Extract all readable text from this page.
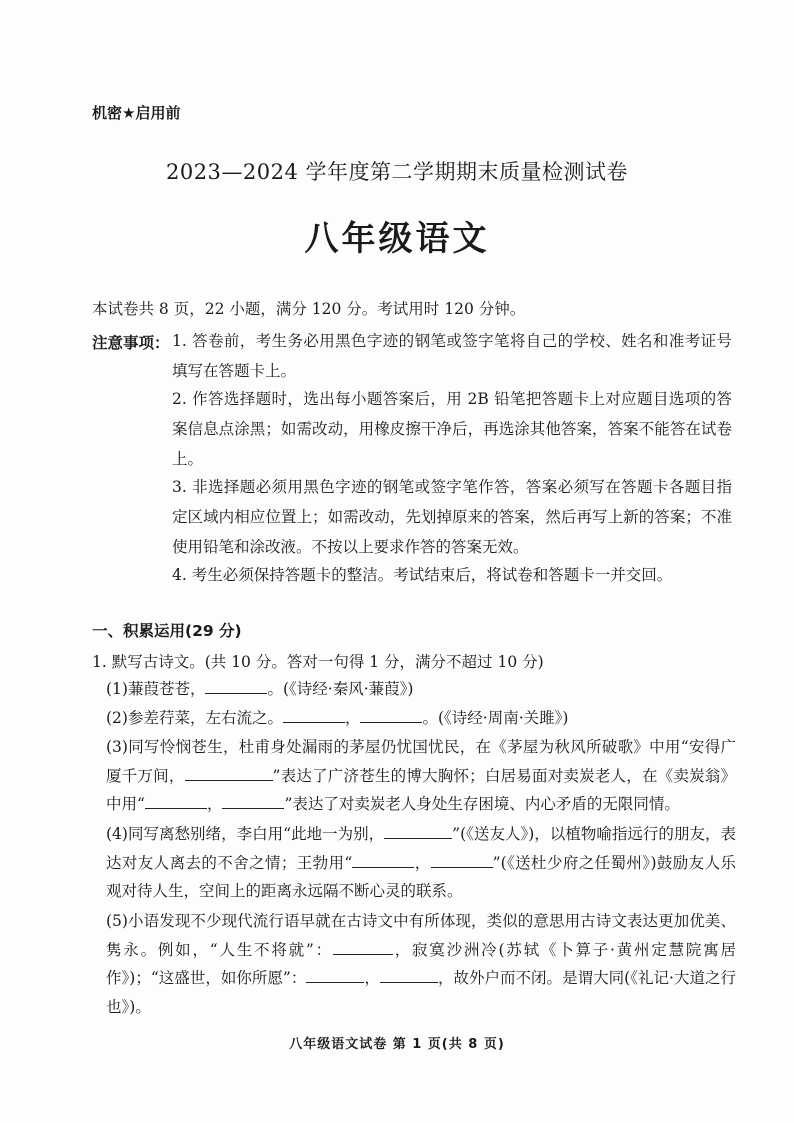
机密★启用前
2023—2024 学年度第二学期期末质量检测试卷
八年级语文
本试卷共 8 页，22 小题，满分 120 分。考试用时 120 分钟。
注意事项： 1. 答卷前，考生务必用黑色字迹的钢笔或签字笔将自己的学校、姓名和准考证号填写在答题卡上。
2. 作答选择题时，选出每小题答案后，用 2B 铅笔把答题卡上对应题目选项的答案信息点涂黑；如需改动，用橡皮擦干净后，再选涂其他答案，答案不能答在试卷上。
3. 非选择题必须用黑色字迹的钢笔或签字笔作答，答案必须写在答题卡各题目指定区域内相应位置上；如需改动，先划掉原来的答案，然后再写上新的答案；不准使用铅笔和涂改液。不按以上要求作答的答案无效。
4. 考生必须保持答题卡的整洁。考试结束后，将试卷和答题卡一并交回。
一、积累运用(29 分)
1. 默写古诗文。(共 10 分。答对一句得 1 分，满分不超过 10 分)
(1)蒹葭苍苍，	。(《诗经·秦风·蒹葭》)
(2)参差荇菜，左右流之。	，	。(《诗经·周南·关雎》)
(3)同写怜悯苍生，杜甫身处漏雨的茅屋仍忧国忧民，在《茅屋为秋风所破歌》中用“安得广厦千万间，	”表达了广济苍生的博大胸怀；白居易面对卖炭老人，在《卖炭翁》中用“	，	”表达了对卖炭老人身处生存困境、内心矛盾的无限同情。
(4)同写离愁别绪，李白用“此地一为别，	”(《送友人》)，以植物喻指远行的朋友，表达对友人离去的不舍之情；王勃用“	，	”(《送杜少府之任蜀州》)鼓励友人乐观对待人生，空间上的距离永远隔不断心灵的联系。
(5)小语发现不少现代流行语早就在古诗文中有所体现，类似的意思用古诗文表达更加优美、隽永。例如，“人生不将就”：	，寂寞沙洲冷(苏轼《卜算子·黄州定慧院寓居作》)；“这盛世，如你所愿”：	，	，故外户而不闭。是谓大同(《礼记·大道之行也》)。
八年级语文试卷 第 1 页(共 8 页)
